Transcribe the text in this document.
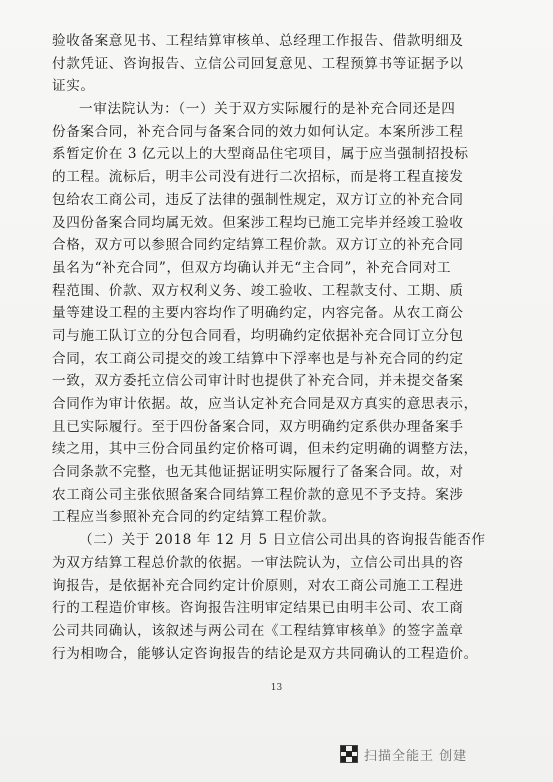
验收备案意见书、工程结算审核单、总经理工作报告、借款明细及
付款凭证、咨询报告、立信公司回复意见、工程预算书等证据予以
证实。
一审法院认为：（一）关于双方实际履行的是补充合同还是四
份备案合同，补充合同与备案合同的效力如何认定。本案所涉工程
系暂定价在 3 亿元以上的大型商品住宅项目，属于应当强制招投标
的工程。流标后，明丰公司没有进行二次招标，而是将工程直接发
包给农工商公司，违反了法律的强制性规定，双方订立的补充合同
及四份备案合同均属无效。但案涉工程均已施工完毕并经竣工验收
合格，双方可以参照合同约定结算工程价款。双方订立的补充合同
虽名为“补充合同”，但双方均确认并无“主合同”，补充合同对工
程范围、价款、双方权利义务、竣工验收、工程款支付、工期、质
量等建设工程的主要内容均作了明确约定，内容完备。从农工商公
司与施工队订立的分包合同看，均明确约定依据补充合同订立分包
合同，农工商公司提交的竣工结算中下浮率也是与补充合同的约定
一致，双方委托立信公司审计时也提供了补充合同，并未提交备案
合同作为审计依据。故，应当认定补充合同是双方真实的意思表示，
且已实际履行。至于四份备案合同，双方明确约定系供办理备案手
续之用，其中三份合同虽约定价格可调，但未约定明确的调整方法，
合同条款不完整，也无其他证据证明实际履行了备案合同。故，对
农工商公司主张依照备案合同结算工程价款的意见不予支持。案涉
工程应当参照补充合同的约定结算工程价款。
（二）关于 2018 年 12 月 5 日立信公司出具的咨询报告能否作
为双方结算工程总价款的依据。一审法院认为，立信公司出具的咨
询报告，是依据补充合同约定计价原则，对农工商公司施工工程进
行的工程造价审核。咨询报告注明审定结果已由明丰公司、农工商
公司共同确认，该叙述与两公司在《工程结算审核单》的签字盖章
行为相吻合，能够认定咨询报告的结论是双方共同确认的工程造价。
13
扫描全能王 创建
